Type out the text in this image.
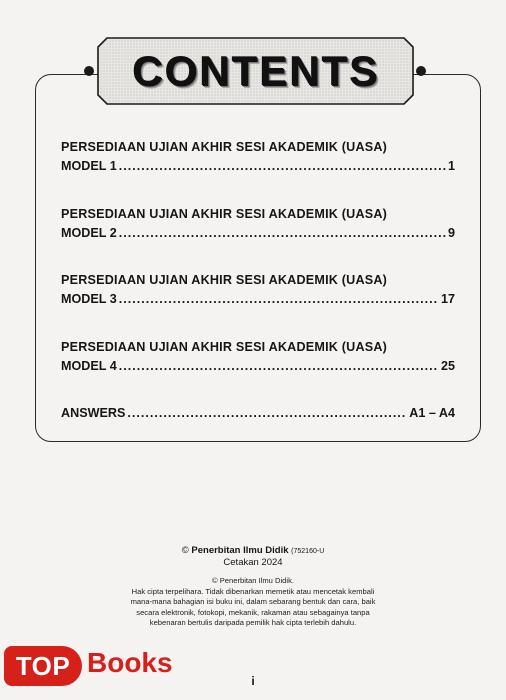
CONTENTS
PERSEDIAAN UJIAN AKHIR SESI AKADEMIK (UASA)
MODEL 1 .....	1
PERSEDIAAN UJIAN AKHIR SESI AKADEMIK (UASA)
MODEL 2 .....	9
PERSEDIAAN UJIAN AKHIR SESI AKADEMIK (UASA)
MODEL 3 .....	17
PERSEDIAAN UJIAN AKHIR SESI AKADEMIK (UASA)
MODEL 4 .....	25
ANSWERS .....	A1 – A4
© Penerbitan Ilmu Didik (752160-U
Cetakan 2024
© Penerbitan Ilmu Didik.
Hak cipta terpelihara. Tidak dibenarkan memetik atau mencetak kembali mana-mana bahagian isi buku ini, dalam sebarang bentuk dan cara, baik secara elektronik, fotokopi, mekanik, rakaman atau sebagainya tanpa kebenaran bertulis daripada pemilik hak cipta terlebih dahulu.
TOP Books
i
